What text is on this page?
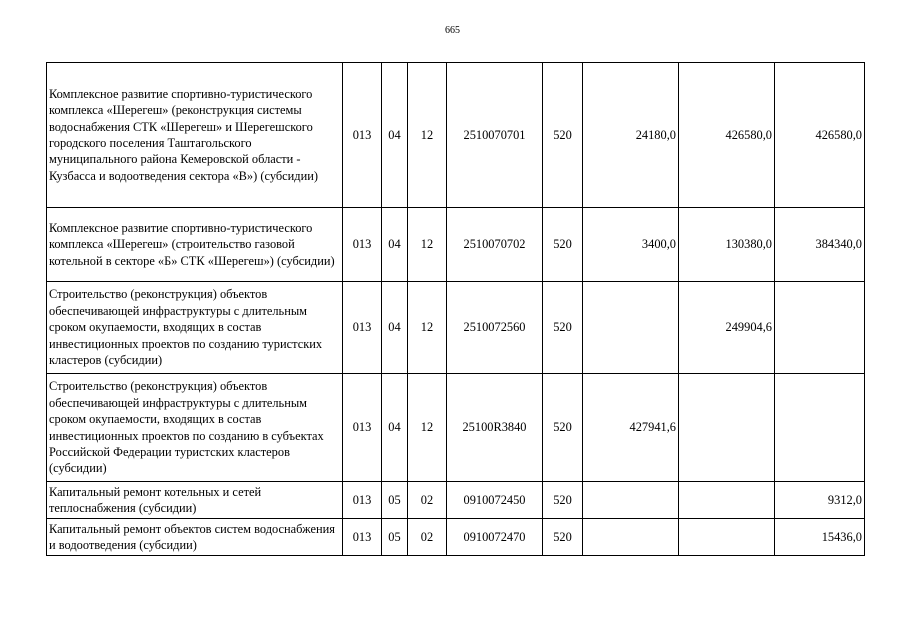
665
Комплексное развитие спортивно-туристического комплекса «Шерегеш» (реконструкция системы водоснабжения СТК «Шерегеш» и Шерегешского городского поселения Таштагольского муниципального района Кемеровской области - Кузбасса и водоотведения сектора «В») (субсидии)	013	04	12	2510070701	520	24180,0	426580,0	426580,0
Комплексное развитие спортивно-туристического комплекса «Шерегеш» (строительство газовой котельной в секторе «Б» СТК «Шерегеш») (субсидии)	013	04	12	2510070702	520	3400,0	130380,0	384340,0
Строительство (реконструкция) объектов обеспечивающей инфраструктуры с длительным сроком окупаемости, входящих в состав инвестиционных проектов по созданию туристских кластеров (субсидии)	013	04	12	2510072560	520		249904,6	
Строительство (реконструкция) объектов обеспечивающей инфраструктуры с длительным сроком окупаемости, входящих в состав инвестиционных проектов по созданию в субъектах Российской Федерации туристских кластеров (субсидии)	013	04	12	25100R3840	520	427941,6		
Капитальный ремонт котельных и сетей теплоснабжения (субсидии)	013	05	02	0910072450	520			9312,0
Капитальный ремонт объектов систем водоснабжения и водоотведения (субсидии)	013	05	02	0910072470	520			15436,0
